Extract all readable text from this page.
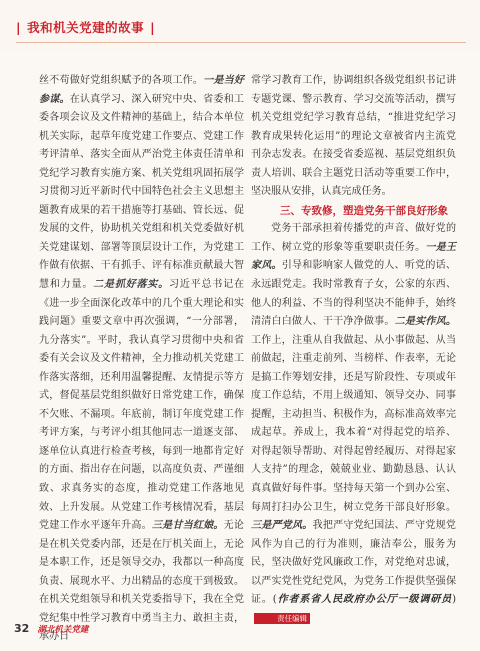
| 我和机关党建的故事 |

丝不苟做好党组织赋予的各项工作。一是当好参谋。在认真学习、深入研究中央、省委和工委各项会议及文件精神的基础上，结合本单位机关实际，起草年度党建工作要点、党建工作考评清单、落实全面从严治党主体责任清单和党纪学习教育实施方案、机关党组巩固拓展学习贯彻习近平新时代中国特色社会主义思想主题教育成果的若干措施等打基础、管长远、促发展的文件，协助机关党组和机关党委做好机关党建谋划、部署等顶层设计工作，为党建工作做有依据、干有抓手、评有标准贡献最大智慧和力量。二是抓好落实。习近平总书记在《进一步全面深化改革中的几个重大理论和实践问题》重要文章中再次强调，“一分部署，九分落实”。平时，我认真学习贯彻中央和省委有关会议及文件精神，全力推动机关党建工作落实落细，还利用温馨提醒、友情提示等方式，督促基层党组织做好日常党建工作，确保不欠账、不漏项。年底前，制订年度党建工作考评方案，与考评小组其他同志一道逐支部、逐单位认真进行检查考核，每到一地都肯定好的方面、指出存在问题，以高度负责、严谨细致、求真务实的态度，推动党建工作落地见效、上升发展。从党建工作考核情况看，基层党建工作水平逐年升高。三是甘当红娘。无论是在机关党委内部，还是在厅机关面上，无论是本职工作，还是领导交办，我都以一种高度负责、展现水平、力出精品的态度干到极致。在机关党组领导和机关党委指导下，我在全党党纪集中性学习教育中勇当主力、敢担主责，承办日

常学习教育工作，协调组织各级党组织书记讲专题党课、警示教育、学习交流等活动，撰写机关党组党纪学习教育总结，“推进党纪学习教育成果转化运用”的理论文章被省内主流党刊杂志发表。在接受省委巡视、基层党组织负责人培训、联合主题党日活动等重要工作中，坚决服从安排，认真完成任务。

三、专致修，塑造党务干部良好形象

党务干部承担着传播党的声音、做好党的工作、树立党的形象等重要职责任务。一是王家风。引导和影响家人做党的人、听党的话、永远跟党走。我时常教育子女，公家的东西、他人的利益、不当的得利坚决不能伸手，始终清清白白做人、干干净净做事。二是实作风。工作上，注重从自我做起、从小事做起、从当前做起，注重走前列、当榜样、作表率，无论是搞工作筹划安排，还是写阶段性、专项或年度工作总结，不用上级通知、领导交办、同事提醒，主动担当、积极作为，高标准高效率完成起草。养成上，我本着“对得起党的培养、对得起领导帮助、对得起曾经履历、对得起家人支持”的理念，兢兢业业、勤勤恳恳、认认真真做好每件事。坚持每天第一个到办公室、每周打扫办公卫生，树立党务干部良好形象。三是严党风。我把严守党纪国法、严守党规党风作为自己的行为准则，廉洁奉公，服务为民，坚决做好党风廉政工作，对党绝对忠诚，以严实党性党纪党风，为党务工作提供坚强保证。(作者系省人民政府办公厅一级调研员)责任编辑

32 湖北机关党建
